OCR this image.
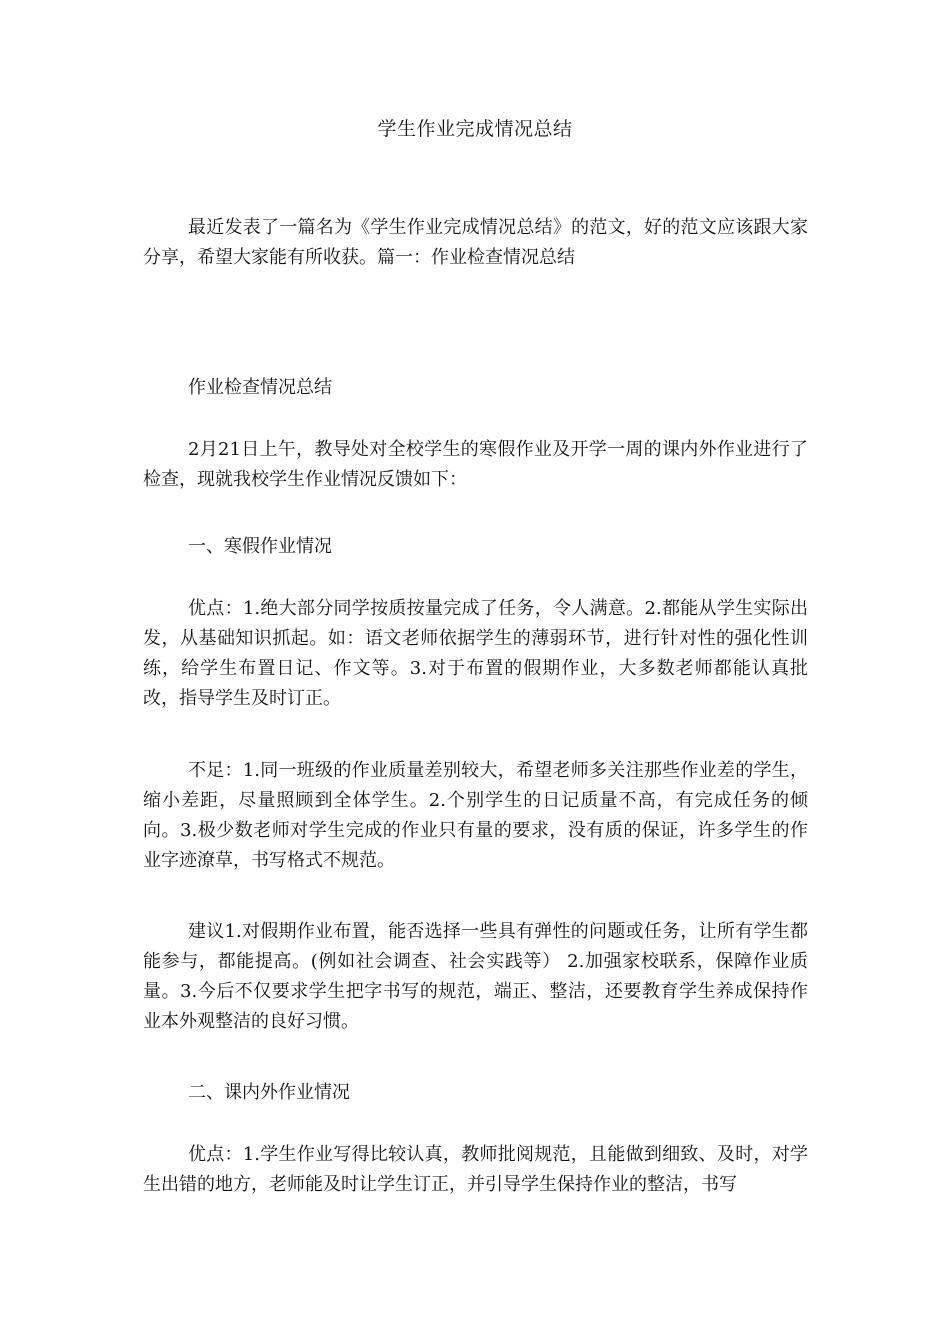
学生作业完成情况总结

最近发表了一篇名为《学生作业完成情况总结》的范文，好的范文应该跟大家分享，希望大家能有所收获。篇一：作业检查情况总结

作业检查情况总结

2月21日上午，教导处对全校学生的寒假作业及开学一周的课内外作业进行了检查，现就我校学生作业情况反馈如下：

一、寒假作业情况

优点：1.绝大部分同学按质按量完成了任务，令人满意。2.都能从学生实际出发，从基础知识抓起。如：语文老师依据学生的薄弱环节，进行针对性的强化性训练，给学生布置日记、作文等。3.对于布置的假期作业，大多数老师都能认真批改，指导学生及时订正。

不足：1.同一班级的作业质量差别较大，希望老师多关注那些作业差的学生，缩小差距，尽量照顾到全体学生。2.个别学生的日记质量不高，有完成任务的倾向。3.极少数老师对学生完成的作业只有量的要求，没有质的保证，许多学生的作业字迹潦草，书写格式不规范。

建议1.对假期作业布置，能否选择一些具有弹性的问题或任务，让所有学生都能参与，都能提高。(例如社会调查、社会实践等） 2.加强家校联系，保障作业质量。3.今后不仅要求学生把字书写的规范，端正、整洁，还要教育学生养成保持作业本外观整洁的良好习惯。

二、课内外作业情况

优点：1.学生作业写得比较认真，教师批阅规范，且能做到细致、及时，对学生出错的地方，老师能及时让学生订正，并引导学生保持作业的整洁，书写
